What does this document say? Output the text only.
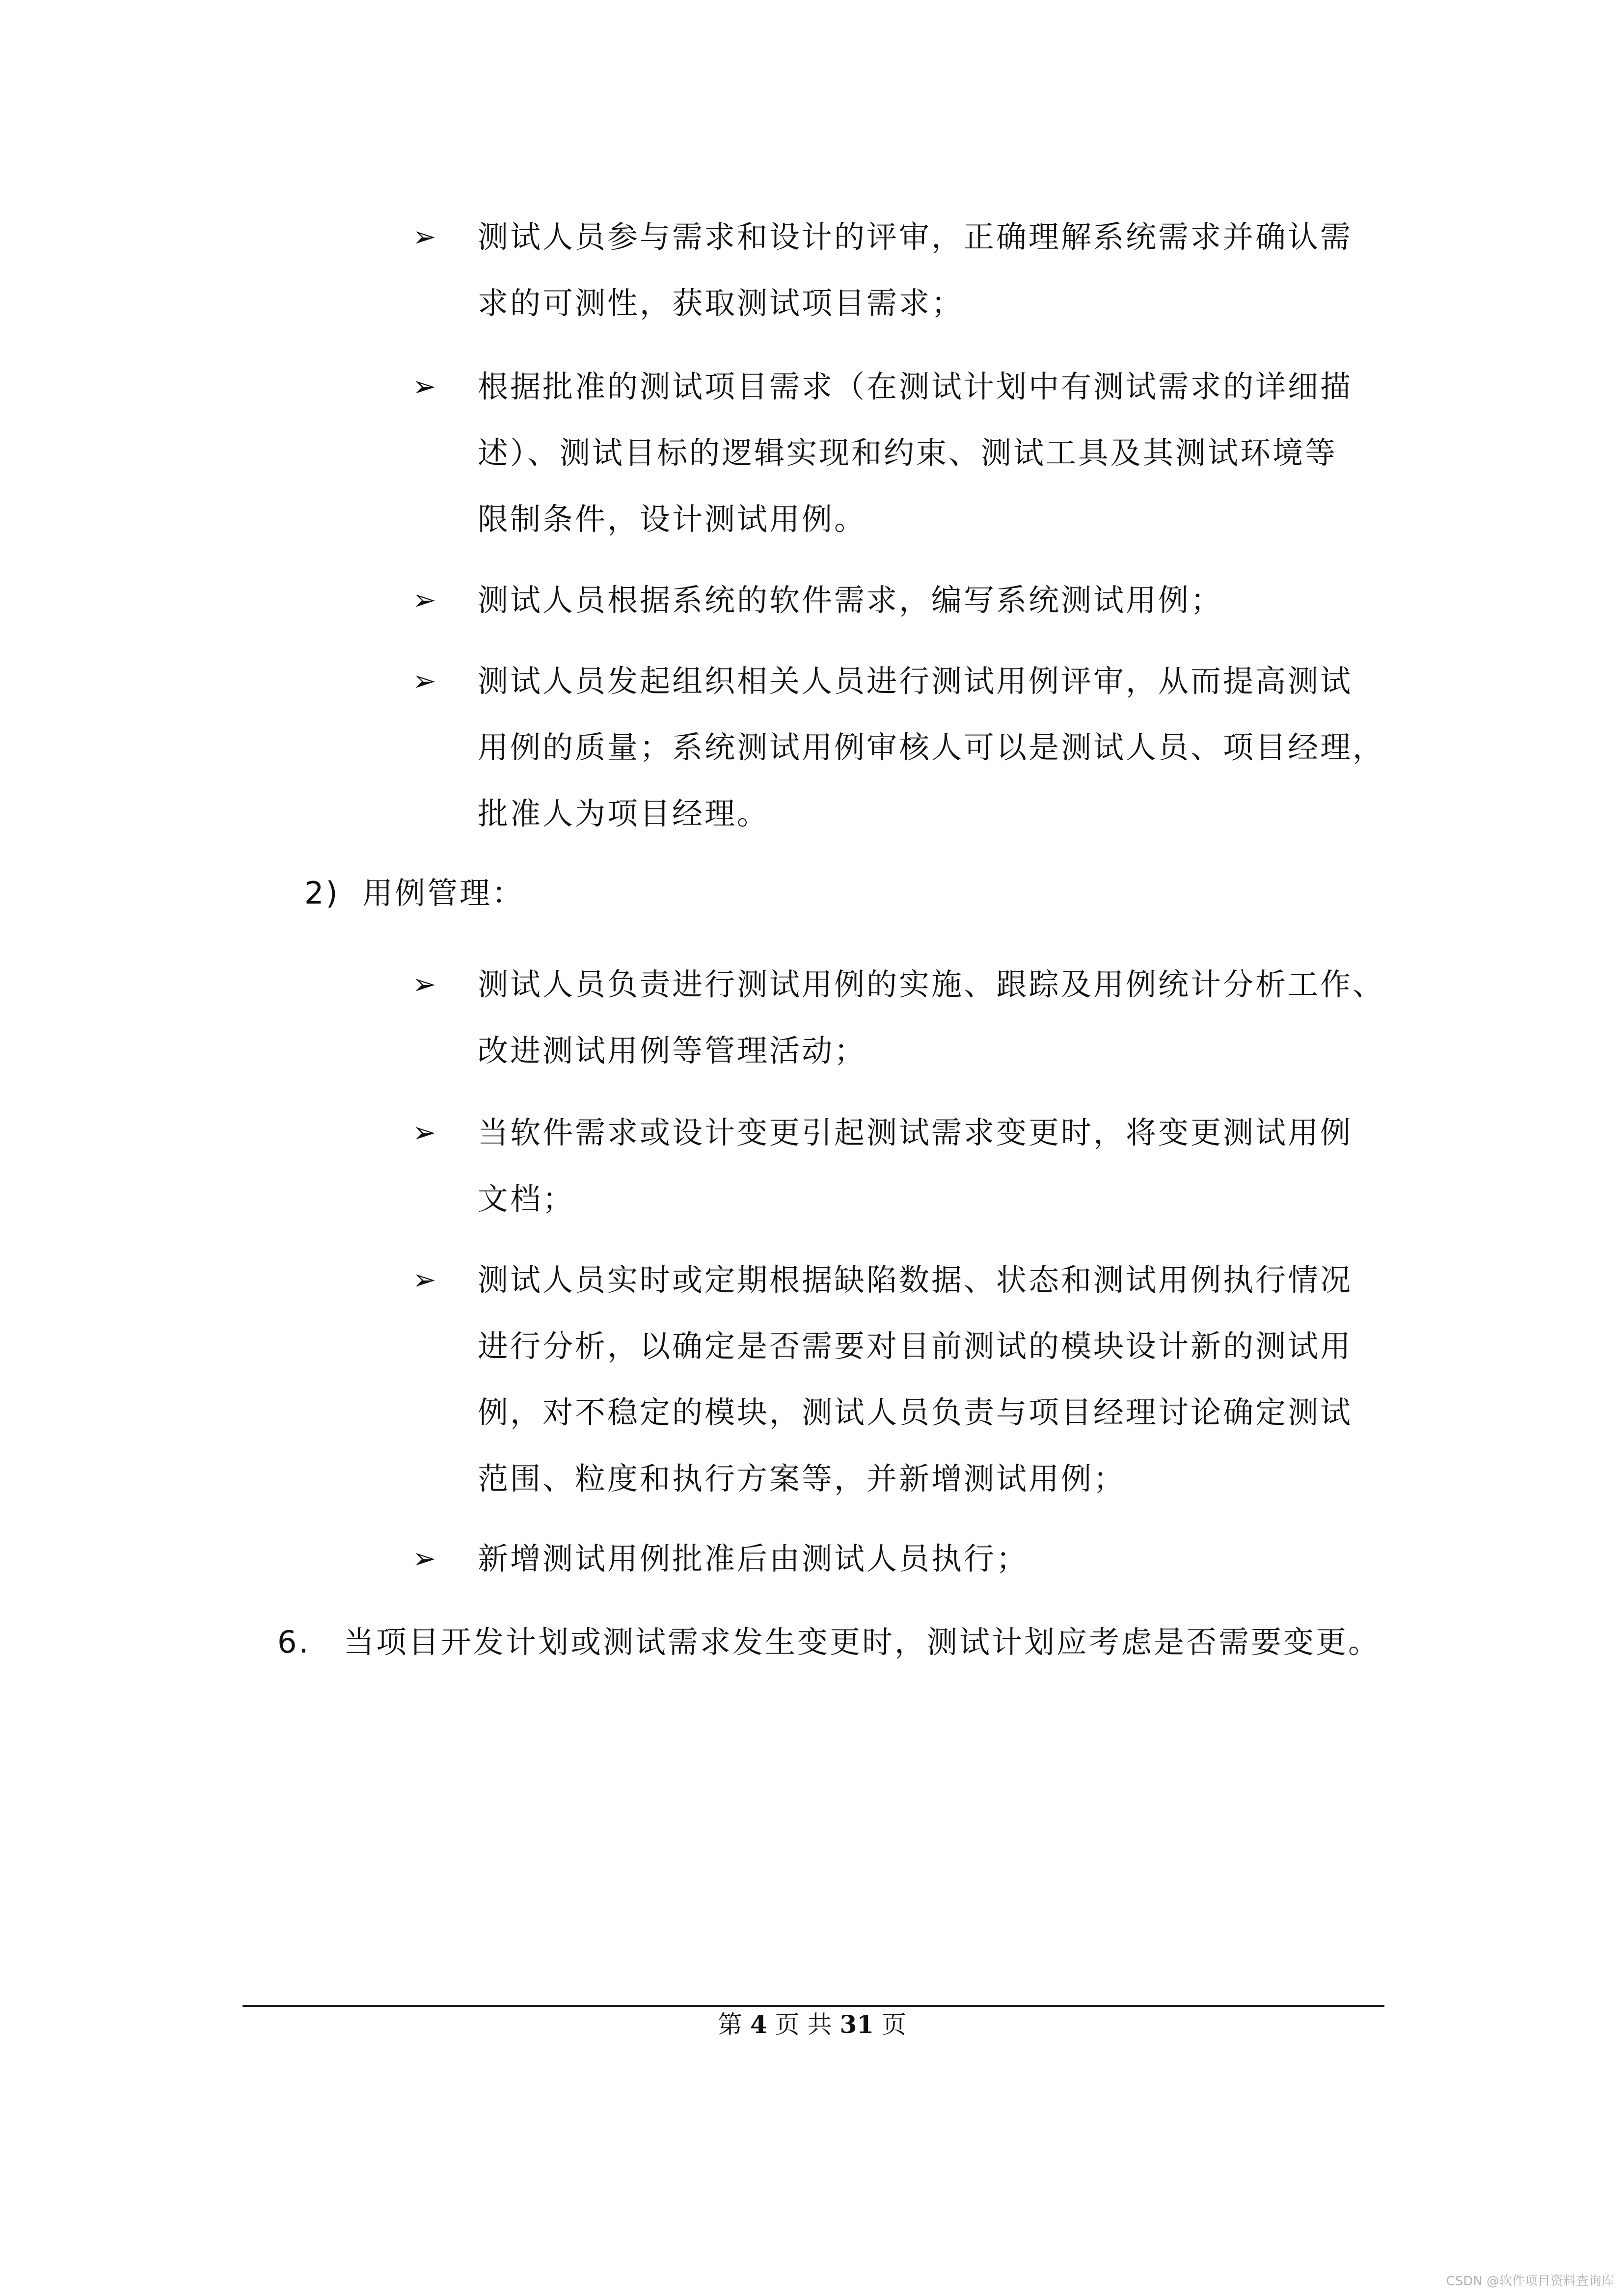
➢ 测试人员参与需求和设计的评审，正确理解系统需求并确认需
求的可测性，获取测试项目需求；
➢ 根据批准的测试项目需求（在测试计划中有测试需求的详细描
述）、测试目标的逻辑实现和约束、测试工具及其测试环境等
限制条件，设计测试用例。
➢ 测试人员根据系统的软件需求，编写系统测试用例；
➢ 测试人员发起组织相关人员进行测试用例评审，从而提高测试
用例的质量；系统测试用例审核人可以是测试人员、项目经理，
批准人为项目经理。
2) 用例管理：
➢ 测试人员负责进行测试用例的实施、跟踪及用例统计分析工作、
改进测试用例等管理活动；
➢ 当软件需求或设计变更引起测试需求变更时，将变更测试用例
文档；
➢ 测试人员实时或定期根据缺陷数据、状态和测试用例执行情况
进行分析，以确定是否需要对目前测试的模块设计新的测试用
例，对不稳定的模块，测试人员负责与项目经理讨论确定测试
范围、粒度和执行方案等，并新增测试用例；
➢ 新增测试用例批准后由测试人员执行；
6. 当项目开发计划或测试需求发生变更时，测试计划应考虑是否需要变更。
第 4 页 共 31 页
CSDN @软件项目资料查询库
